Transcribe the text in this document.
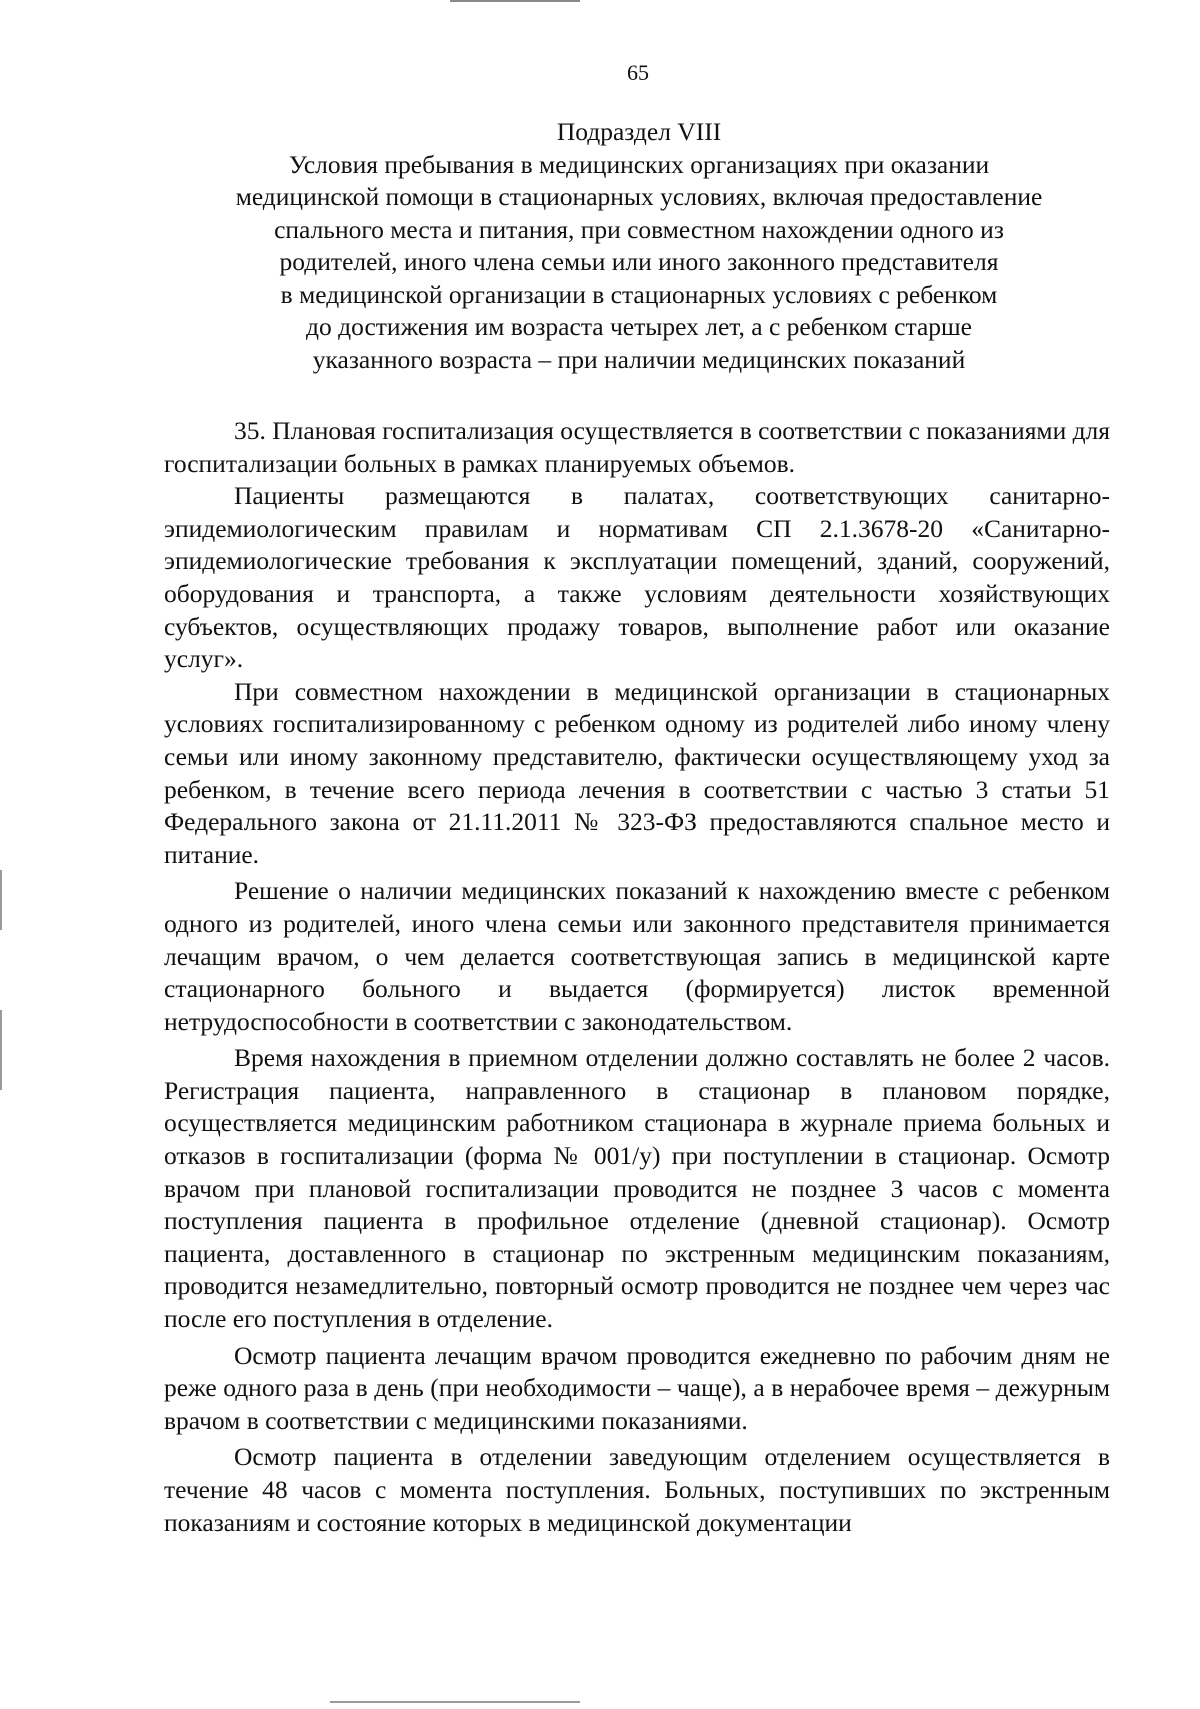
65
Подраздел VIII
Условия пребывания в медицинских организациях при оказании
медицинской помощи в стационарных условиях, включая предоставление
спального места и питания, при совместном нахождении одного из
родителей, иного члена семьи или иного законного представителя
в медицинской организации в стационарных условиях с ребенком
до достижения им возраста четырех лет, а с ребенком старше
указанного возраста – при наличии медицинских показаний

35. Плановая госпитализация осуществляется в соответствии с показаниями для госпитализации больных в рамках планируемых объемов.

Пациенты размещаются в палатах, соответствующих санитарно-эпидемиологическим правилам и нормативам СП 2.1.3678-20 «Санитарно-эпидемиологические требования к эксплуатации помещений, зданий, сооружений, оборудования и транспорта, а также условиям деятельности хозяйствующих субъектов, осуществляющих продажу товаров, выполнение работ или оказание услуг».

При совместном нахождении в медицинской организации в стационарных условиях госпитализированному с ребенком одному из родителей либо иному члену семьи или иному законному представителю, фактически осуществляющему уход за ребенком, в течение всего периода лечения в соответствии с частью 3 статьи 51 Федерального закона от 21.11.2011 № 323-ФЗ предоставляются спальное место и питание.

Решение о наличии медицинских показаний к нахождению вместе с ребенком одного из родителей, иного члена семьи или законного представителя принимается лечащим врачом, о чем делается соответствующая запись в медицинской карте стационарного больного и выдается (формируется) листок временной нетрудоспособности в соответствии с законодательством.

Время нахождения в приемном отделении должно составлять не более 2 часов. Регистрация пациента, направленного в стационар в плановом порядке, осуществляется медицинским работником стационара в журнале приема больных и отказов в госпитализации (форма № 001/у) при поступлении в стационар. Осмотр врачом при плановой госпитализации проводится не позднее 3 часов с момента поступления пациента в профильное отделение (дневной стационар). Осмотр пациента, доставленного в стационар по экстренным медицинским показаниям, проводится незамедлительно, повторный осмотр проводится не позднее чем через час после его поступления в отделение.

Осмотр пациента лечащим врачом проводится ежедневно по рабочим дням не реже одного раза в день (при необходимости – чаще), а в нерабочее время – дежурным врачом в соответствии с медицинскими показаниями.

Осмотр пациента в отделении заведующим отделением осуществляется в течение 48 часов с момента поступления. Больных, поступивших по экстренным показаниям и состояние которых в медицинской документации
